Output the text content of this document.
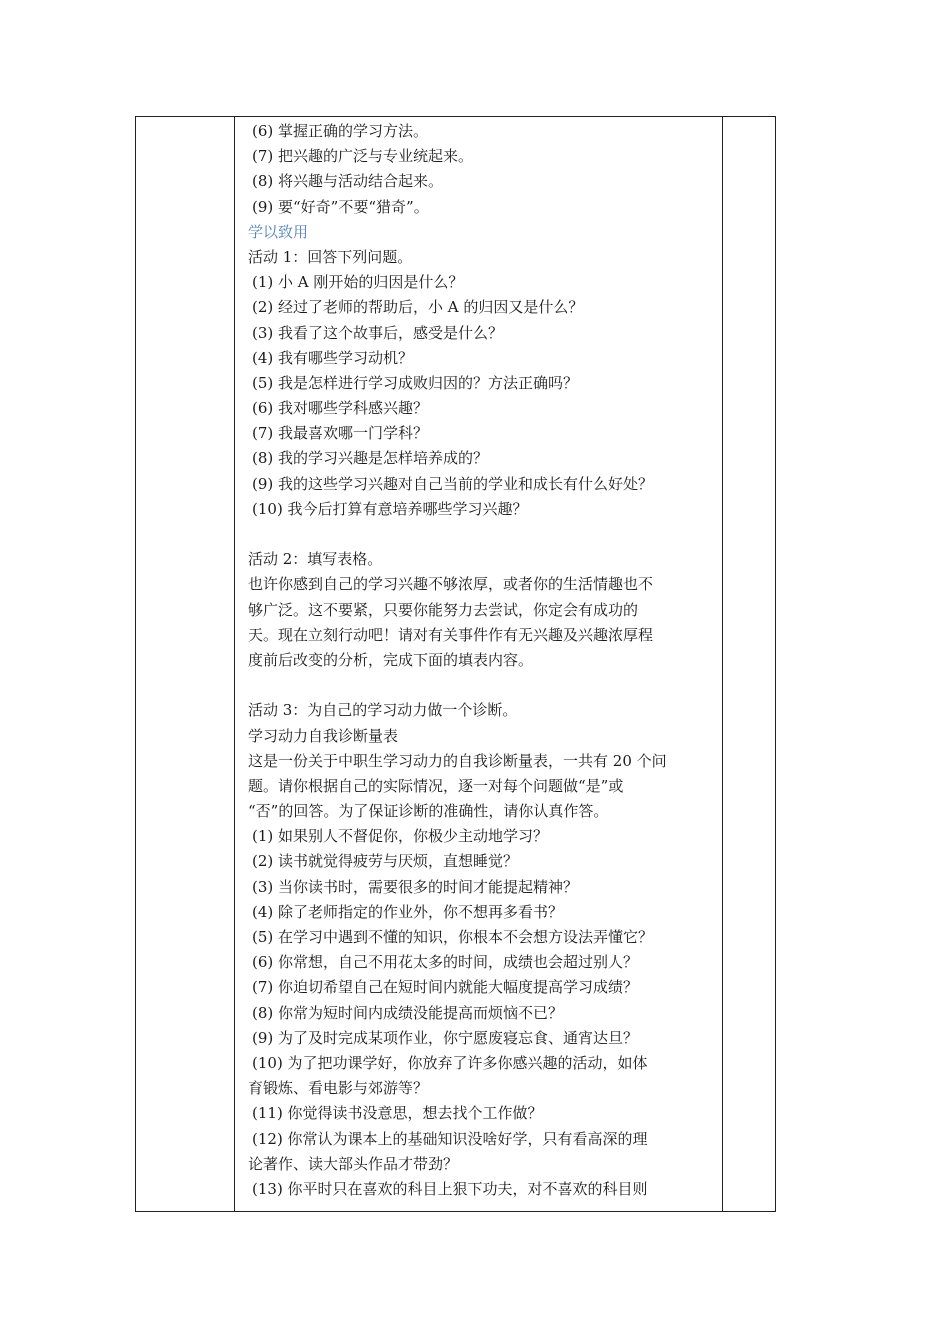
(6) 掌握正确的学习方法。
(7) 把兴趣的广泛与专业统起来。
(8) 将兴趣与活动结合起来。
(9) 要“好奇”不要“猎奇”。
学以致用
活动 1：回答下列问题。
(1) 小 A 刚开始的归因是什么？
(2) 经过了老师的帮助后，小 A 的归因又是什么？
(3) 我看了这个故事后，感受是什么？
(4) 我有哪些学习动机？
(5) 我是怎样进行学习成败归因的？方法正确吗？
(6) 我对哪些学科感兴趣？
(7) 我最喜欢哪一门学科？
(8) 我的学习兴趣是怎样培养成的？
(9) 我的这些学习兴趣对自己当前的学业和成长有什么好处？
(10) 我今后打算有意培养哪些学习兴趣？
活动 2：填写表格。
也许你感到自己的学习兴趣不够浓厚，或者你的生活情趣也不
够广泛。这不要紧，只要你能努力去尝试，你定会有成功的
天。现在立刻行动吧！请对有关事件作有无兴趣及兴趣浓厚程
度前后改变的分析，完成下面的填表内容。
活动 3：为自己的学习动力做一个诊断。
学习动力自我诊断量表
这是一份关于中职生学习动力的自我诊断量表，一共有 20 个问
题。请你根据自己的实际情况，逐一对每个问题做“是”或
“否”的回答。为了保证诊断的准确性，请你认真作答。
(1) 如果别人不督促你，你极少主动地学习？
(2) 读书就觉得疲劳与厌烦，直想睡觉？
(3) 当你读书时，需要很多的时间才能提起精神？
(4) 除了老师指定的作业外，你不想再多看书？
(5) 在学习中遇到不懂的知识，你根本不会想方设法弄懂它？
(6) 你常想，自己不用花太多的时间，成绩也会超过别人？
(7) 你迫切希望自己在短时间内就能大幅度提高学习成绩？
(8) 你常为短时间内成绩没能提高而烦恼不已？
(9) 为了及时完成某项作业，你宁愿废寝忘食、通宵达旦？
(10) 为了把功课学好，你放弃了许多你感兴趣的活动，如体
育锻炼、看电影与郊游等？
(11) 你觉得读书没意思，想去找个工作做？
(12) 你常认为课本上的基础知识没啥好学，只有看高深的理
论著作、读大部头作品才带劲？
(13) 你平时只在喜欢的科目上狠下功夫，对不喜欢的科目则
